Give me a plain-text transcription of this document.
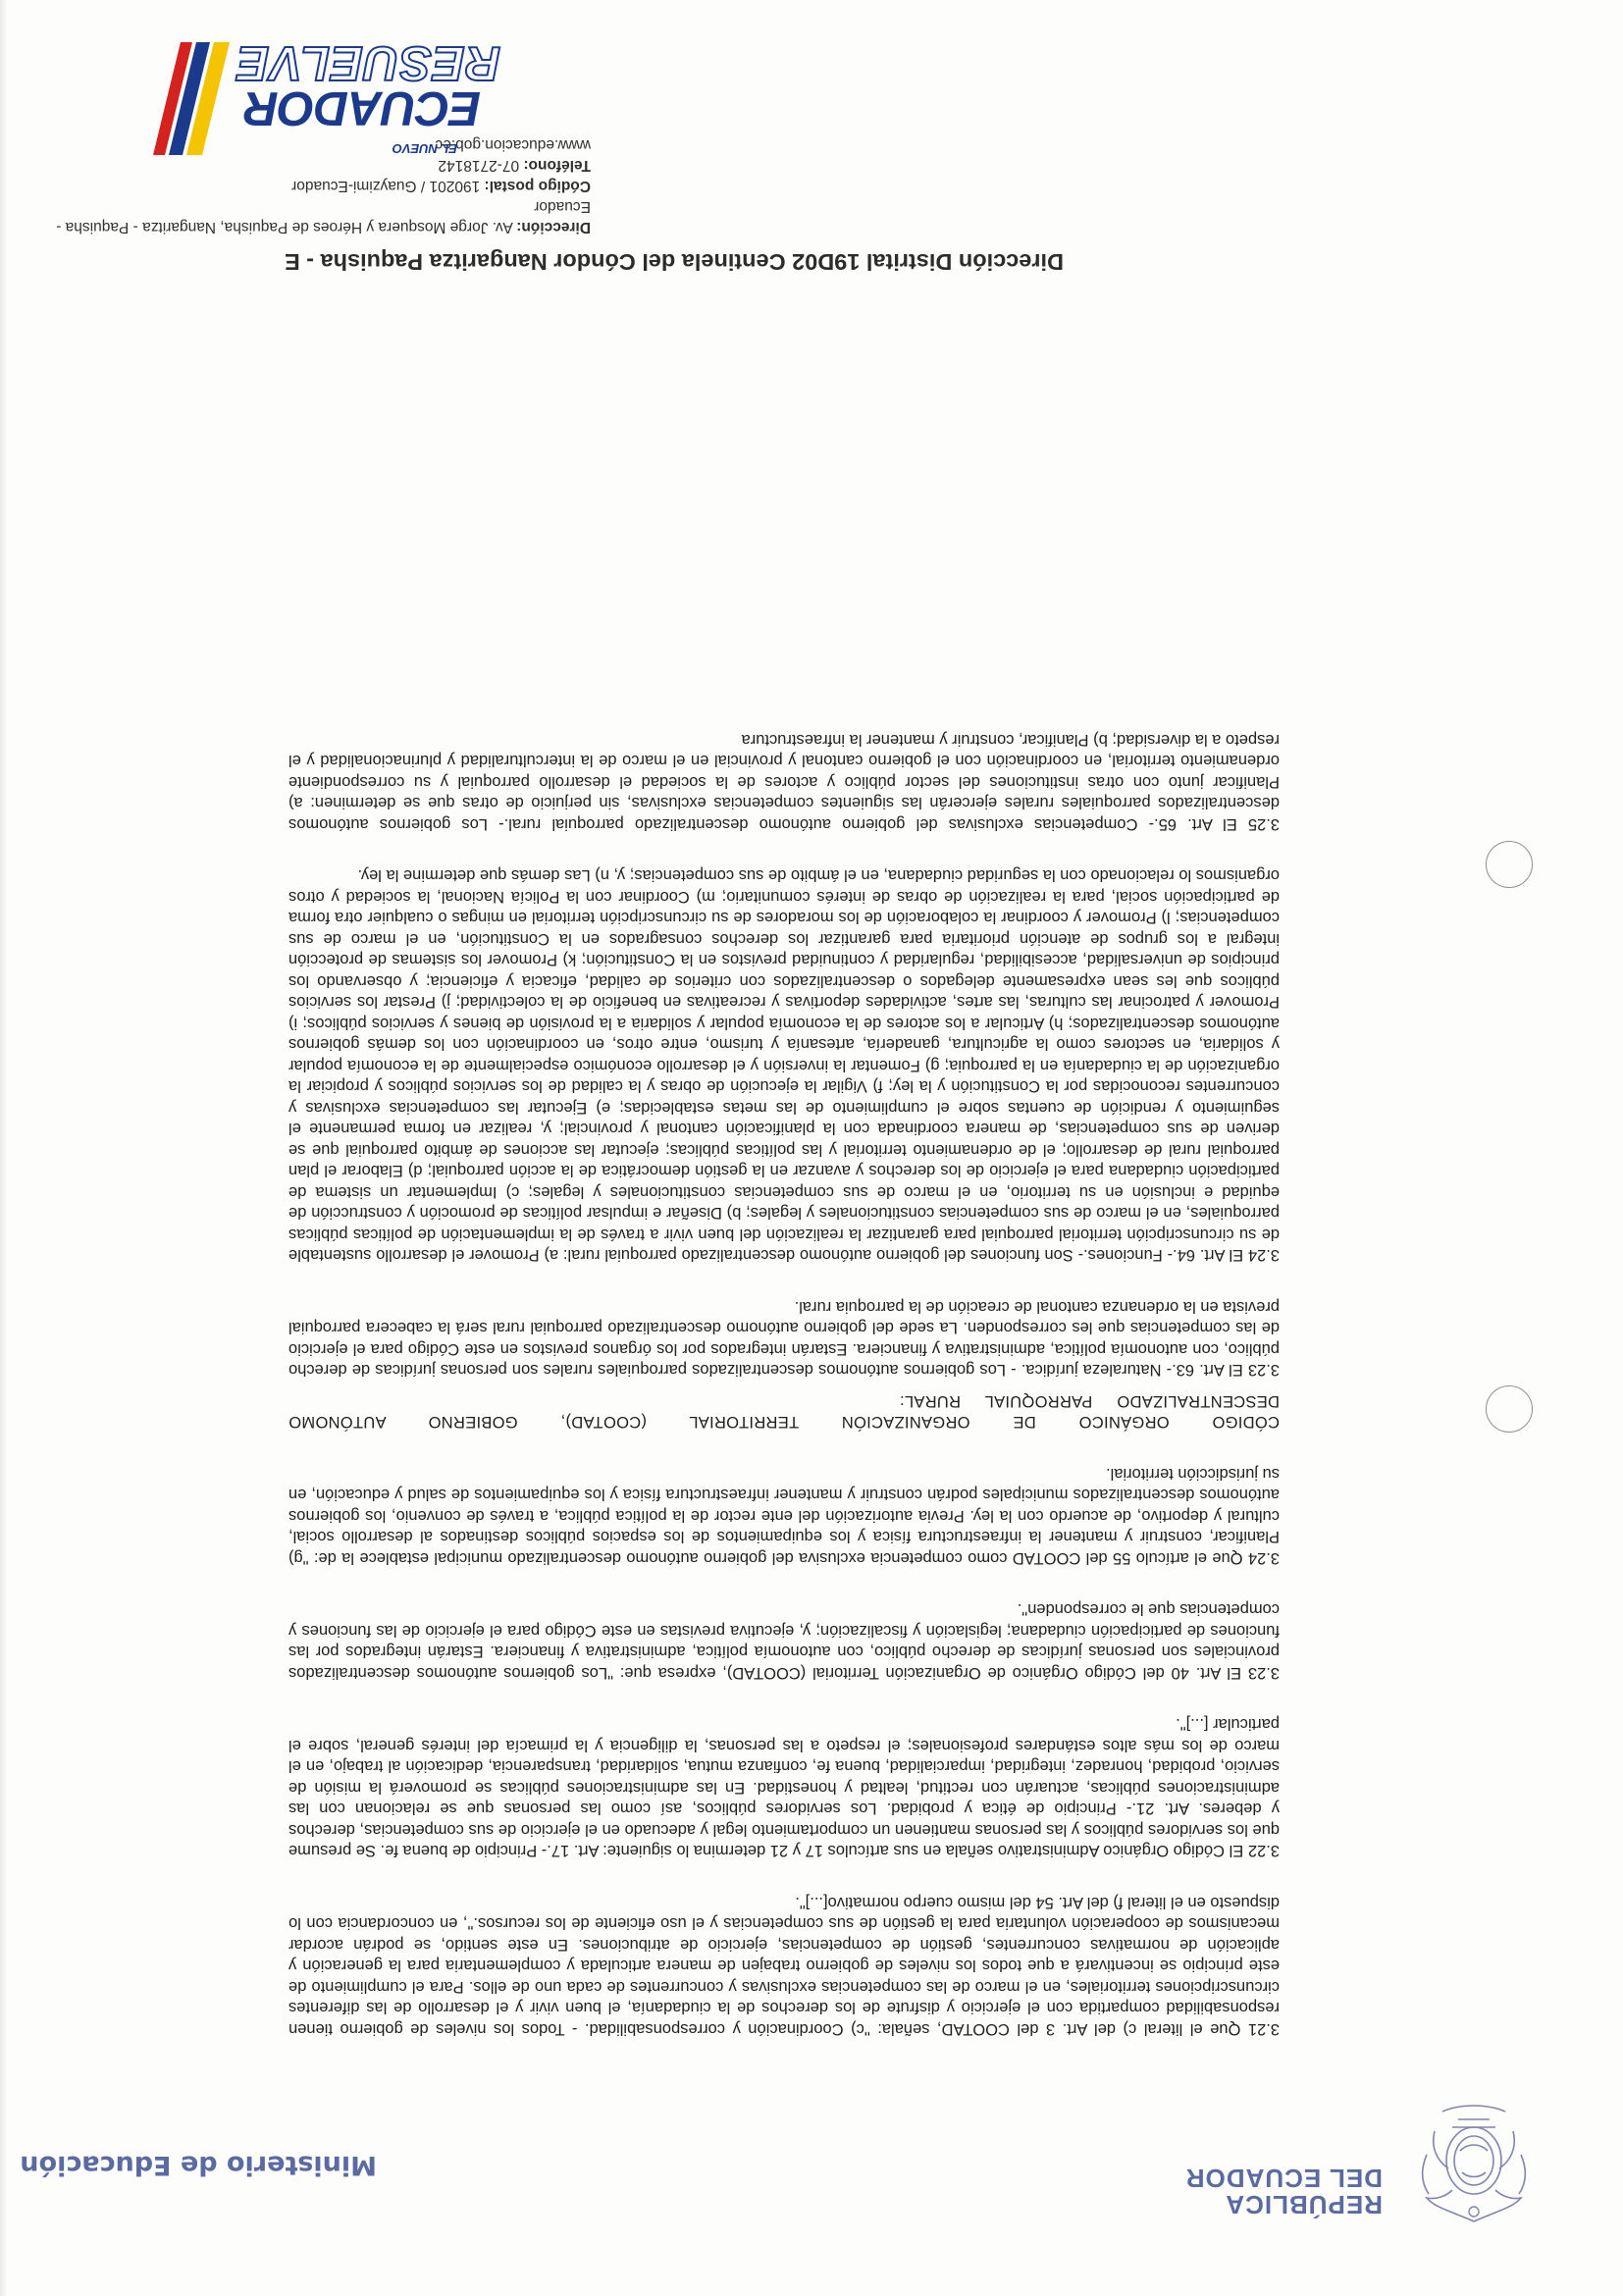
REPÚBLICA
DEL ECUADOR
Ministerio de Educación

3.21 Que el literal c) del Art. 3 del COOTAD, señala: "c) Coordinación y corresponsabilidad. - Todos los niveles de gobierno tienen responsabilidad compartida con el ejercicio y disfrute de los derechos de la ciudadanía, el buen vivir y el desarrollo de las diferentes circunscripciones territoriales, en el marco de las competencias exclusivas y concurrentes de cada uno de ellos. Para el cumplimiento de este principio se incentivará a que todos los niveles de gobierno trabajen de manera articulada y complementaria para la generación y aplicación de normativas concurrentes, gestión de competencias, ejercicio de atribuciones. En este sentido, se podrán acordar mecanismos de cooperación voluntaria para la gestión de sus competencias y el uso eficiente de los recursos.", en concordancia con lo dispuesto en el literal f) del Art. 54 del mismo cuerpo normativo[...]".

3.22 El Código Orgánico Administrativo señala en sus artículos 17 y 21 determina lo siguiente: Art. 17.- Principio de buena fe. Se presume que los servidores públicos y las personas mantienen un comportamiento legal y adecuado en el ejercicio de sus competencias, derechos y deberes. Art. 21.- Principio de ética y probidad. Los servidores públicos, así como las personas que se relacionan con las administraciones públicas, actuarán con rectitud, lealtad y honestidad. En las administraciones públicas se promoverá la misión de servicio, probidad, honradez, integridad, imparcialidad, buena fe, confianza mutua, solidaridad, transparencia, dedicación al trabajo, en el marco de los más altos estándares profesionales; el respeto a las personas, la diligencia y la primacía del interés general, sobre el particular [...]".

3.23 El Art. 40 del Código Orgánico de Organización Territorial (COOTAD), expresa que: "Los gobiernos autónomos descentralizados provinciales son personas jurídicas de derecho público, con autonomía política, administrativa y financiera. Estarán integrados por las funciones de participación ciudadana; legislación y fiscalización; y, ejecutiva previstas en este Código para el ejercicio de las funciones y competencias que le corresponden".

3.24 Que el artículo 55 del COOTAD como competencia exclusiva del gobierno autónomo descentralizado municipal establece la de: "g) Planificar, construir y mantener la infraestructura física y los equipamientos de los espacios públicos destinados al desarrollo social, cultural y deportivo, de acuerdo con la ley. Previa autorización del ente rector de la política pública, a través de convenio, los gobiernos autónomos descentralizados municipales podrán construir y mantener infraestructura física y los equipamientos de salud y educación, en su jurisdicción territorial.

CÓDIGO ORGÁNICO DE ORGANIZACIÓN TERRITORIAL (COOTAD), GOBIERNO AUTÓNOMO DESCENTRALIZADO PARROQUIAL RURAL:

3.23 El Art. 63.- Naturaleza jurídica. - Los gobiernos autónomos descentralizados parroquiales rurales son personas jurídicas de derecho público, con autonomía política, administrativa y financiera. Estarán integrados por los órganos previstos en este Código para el ejercicio de las competencias que les corresponden. La sede del gobierno autónomo descentralizado parroquial rural será la cabecera parroquial prevista en la ordenanza cantonal de creación de la parroquia rural.

3.24 El Art. 64.- Funciones.- Son funciones del gobierno autónomo descentralizado parroquial rural: a) Promover el desarrollo sustentable de su circunscripción territorial parroquial para garantizar la realización del buen vivir a través de la implementación de políticas públicas parroquiales, en el marco de sus competencias constitucionales y legales; b) Diseñar e impulsar políticas de promoción y construcción de equidad e inclusión en su territorio, en el marco de sus competencias constitucionales y legales; c) Implementar un sistema de participación ciudadana para el ejercicio de los derechos y avanzar en la gestión democrática de la acción parroquial; d) Elaborar el plan parroquial rural de desarrollo; el de ordenamiento territorial y las políticas públicas; ejecutar las acciones de ámbito parroquial que se deriven de sus competencias, de manera coordinada con la planificación cantonal y provincial; y, realizar en forma permanente el seguimiento y rendición de cuentas sobre el cumplimiento de las metas establecidas; e) Ejecutar las competencias exclusivas y concurrentes reconocidas por la Constitución y la ley; f) Vigilar la ejecución de obras y la calidad de los servicios públicos y propiciar la organización de la ciudadanía en la parroquia; g) Fomentar la inversión y el desarrollo económico especialmente de la economía popular y solidaria, en sectores como la agricultura, ganadería, artesanía y turismo, entre otros, en coordinación con los demás gobiernos autónomos descentralizados; h) Articular a los actores de la economía popular y solidaria a la provisión de bienes y servicios públicos; i) Promover y patrocinar las culturas, las artes, actividades deportivas y recreativas en beneficio de la colectividad; j) Prestar los servicios públicos que les sean expresamente delegados o descentralizados con criterios de calidad, eficacia y eficiencia; y observando los principios de universalidad, accesibilidad, regularidad y continuidad previstos en la Constitución; k) Promover los sistemas de protección integral a los grupos de atención prioritaria para garantizar los derechos consagrados en la Constitución, en el marco de sus competencias; l) Promover y coordinar la colaboración de los moradores de su circunscripción territorial en mingas o cualquier otra forma de participación social, para la realización de obras de interés comunitario; m) Coordinar con la Policía Nacional, la sociedad y otros organismos lo relacionado con la seguridad ciudadana, en el ámbito de sus competencias; y, n) Las demás que determine la ley.

3.25 El Art. 65.- Competencias exclusivas del gobierno autónomo descentralizado parroquial rural.- Los gobiernos autónomos descentralizados parroquiales rurales ejercerán las siguientes competencias exclusivas, sin perjuicio de otras que se determinen: a) Planificar junto con otras instituciones del sector público y actores de la sociedad el desarrollo parroquial y su correspondiente ordenamiento territorial, en coordinación con el gobierno cantonal y provincial en el marco de la interculturalidad y plurinacionalidad y el respeto a la diversidad; b) Planificar, construir y mantener la infraestructura

Dirección Distrital 19D02 Centinela del Cóndor Nangaritza Paquisha - E
Dirección: Av. Jorge Mosquera y Héroes de Paquisha, Nangaritza - Paquisha - Ecuador
Código postal: 190201 / Guayzimi-Ecuador
Teléfono: 07-2718142
www.educacion.gob.ec
EL NUEVO
ECUADOR
RESUELVE
